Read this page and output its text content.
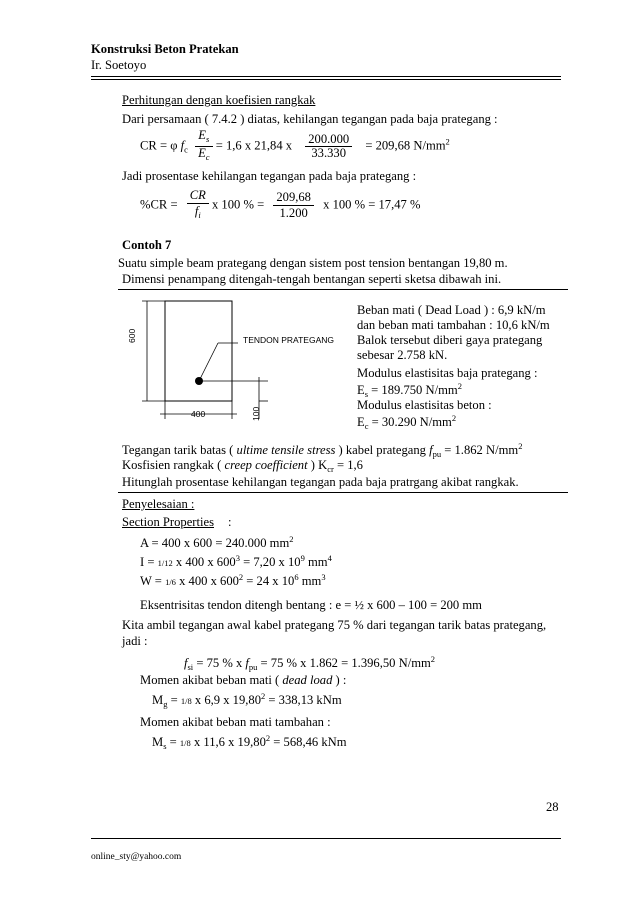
Konstruksi Beton Pratekan
Ir. Soetoyo
Perhitungan dengan koefisien rangkak
Dari persamaan ( 7.4.2 ) diatas, kehilangan tegangan pada baja prategang :
CR = φ $f_c \frac{E_s}{E_c} = 1,6$ x 21,84 x $\frac{200.000}{33.330} = 209,68$ $N/mm^2$
Jadi prosentase kehilangan tegangan pada baja prategang :
$\%CR = \frac{CR}{f_i}$ x 100 % = $\frac{209,68}{1.200}$ x 100 % = 17,47 %
Contoh 7
Suatu simple beam prategang dengan sistem post tension bentangan 19,80 m.
Dimensi penampang ditengah-tengah bentangan seperti sketsa dibawah ini.
600
400	100
TENDON PRATEGANG
Beban mati ( Dead Load ) : 6,9 kN/m
dan beban mati tambahan : 10,6 kN/m
Balok tersebut diberi gaya prategang
sebesar 2.758 kN.
Modulus elastisitas baja prategang :
$E_s = 189.750$ $N/mm^2$
Modulus elastisitas beton :
$E_c = 30.290$ $N/mm^2$
Tegangan tarik batas ( ultime tensile stress ) kabel prategang $f_{pu} = 1.862$ $N/mm^2$
Kosfisien rangkak ( creep coefficient ) $K_{cr} = 1,6$
Hitunglah prosentase kehilangan tegangan pada baja pratrgang akibat rangkak.
Penyelesaian :
Section Properties :
A = 400 x 600 = 240.000 $mm^2$
I = 1/12 x 400 x $600^3 = 7,20$ x $10^9$ $mm^4$
W = 1/6 x 400 x $600^2 = 24$ x $10^6$ $mm^3$
Eksentrisitas tendon ditengh bentang : e = ½ x 600 – 100 = 200 mm
Kita ambil tegangan awal kabel prategang 75 % dari tegangan tarik batas prategang,
jadi :
$f_{si} = 75$ % x $f_{pu} = 75$ % x 1.862 = 1.396,50 $N/mm^2$
Momen akibat beban mati ( dead load ) :
$M_g = 1/8$ x 6,9 x $19,80^2 = 338,13$ kNm
Momen akibat beban mati tambahan :
$M_s = 1/8$ x 11,6 x $19,80^2 = 568,46$ kNm
28
online_sty@yahoo.com
